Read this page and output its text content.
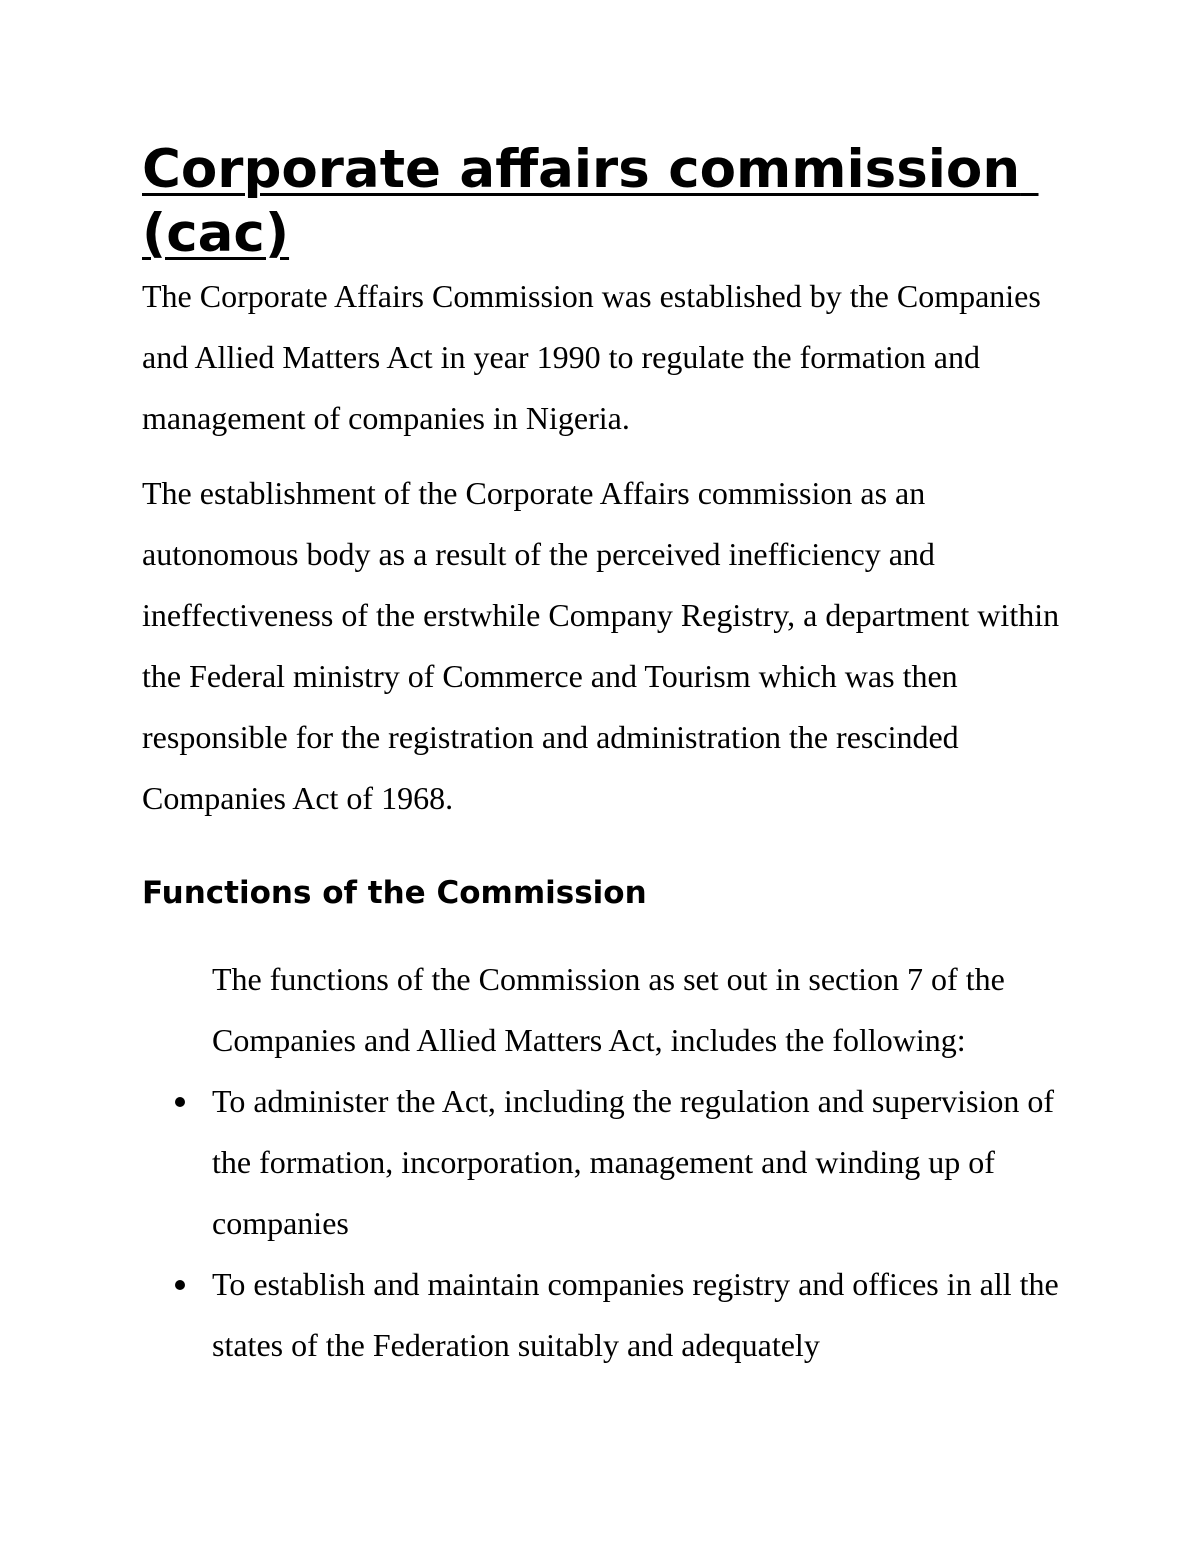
Corporate affairs commission (cac)

The Corporate Affairs Commission was established by the Companies and Allied Matters Act in year 1990 to regulate the formation and management of companies in Nigeria.

The establishment of the Corporate Affairs commission as an autonomous body as a result of the perceived inefficiency and ineffectiveness of the erstwhile Company Registry, a department within the Federal ministry of Commerce and Tourism which was then responsible for the registration and administration the rescinded Companies Act of 1968.

Functions of the Commission

The functions of the Commission as set out in section 7 of the Companies and Allied Matters Act, includes the following:

To administer the Act, including the regulation and supervision of the formation, incorporation, management and winding up of companies
To establish and maintain companies registry and offices in all the states of the Federation suitably and adequately
